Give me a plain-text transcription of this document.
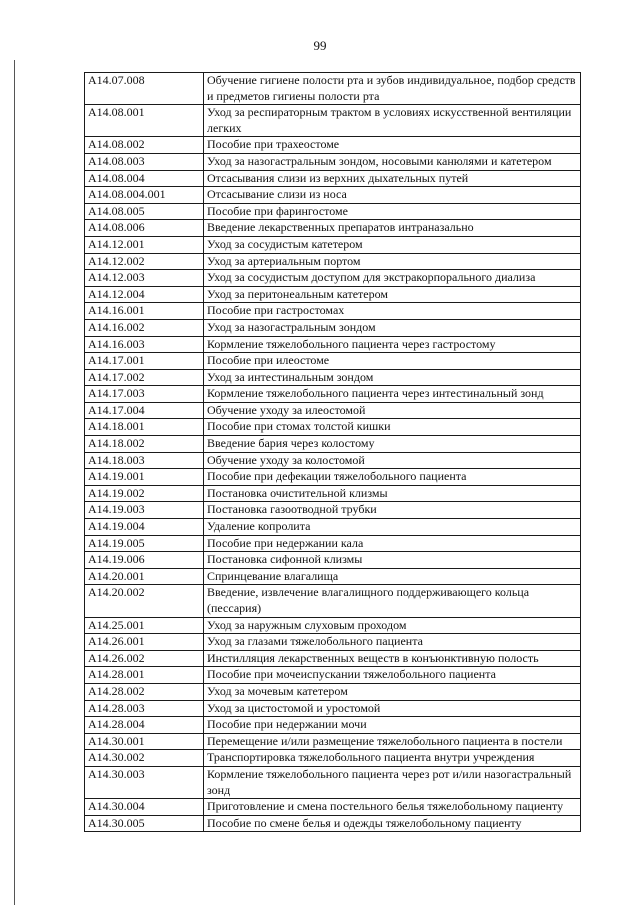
99
A14.07.008	Обучение гигиене полости рта и зубов индивидуальное, подбор средств и предметов гигиены полости рта
A14.08.001	Уход за респираторным трактом в условиях искусственной вентиляции легких
A14.08.002	Пособие при трахеостоме
A14.08.003	Уход за назогастральным зондом, носовыми канюлями и катетером
A14.08.004	Отсасывания слизи из верхних дыхательных путей
A14.08.004.001	Отсасывание слизи из носа
A14.08.005	Пособие при фарингостоме
A14.08.006	Введение лекарственных препаратов интраназально
A14.12.001	Уход за сосудистым катетером
A14.12.002	Уход за артериальным портом
A14.12.003	Уход за сосудистым доступом для экстракорпорального диализа
A14.12.004	Уход за перитонеальным катетером
A14.16.001	Пособие при гастростомах
A14.16.002	Уход за назогастральным зондом
A14.16.003	Кормление тяжелобольного пациента через гастростому
A14.17.001	Пособие при илеостоме
A14.17.002	Уход за интестинальным зондом
A14.17.003	Кормление тяжелобольного пациента через интестинальный зонд
A14.17.004	Обучение уходу за илеостомой
A14.18.001	Пособие при стомах толстой кишки
A14.18.002	Введение бария через колостому
A14.18.003	Обучение уходу за колостомой
A14.19.001	Пособие при дефекации тяжелобольного пациента
A14.19.002	Постановка очистительной клизмы
A14.19.003	Постановка газоотводной трубки
A14.19.004	Удаление копролита
A14.19.005	Пособие при недержании кала
A14.19.006	Постановка сифонной клизмы
A14.20.001	Спринцевание влагалища
A14.20.002	Введение, извлечение влагалищного поддерживающего кольца (пессария)
A14.25.001	Уход за наружным слуховым проходом
A14.26.001	Уход за глазами тяжелобольного пациента
A14.26.002	Инстилляция лекарственных веществ в конъюнктивную полость
A14.28.001	Пособие при мочеиспускании тяжелобольного пациента
A14.28.002	Уход за мочевым катетером
A14.28.003	Уход за цистостомой и уростомой
A14.28.004	Пособие при недержании мочи
A14.30.001	Перемещение и/или размещение тяжелобольного пациента в постели
A14.30.002	Транспортировка тяжелобольного пациента внутри учреждения
A14.30.003	Кормление тяжелобольного пациента через рот и/или назогастральный зонд
A14.30.004	Приготовление и смена постельного белья тяжелобольному пациенту
A14.30.005	Пособие по смене белья и одежды тяжелобольному пациенту
